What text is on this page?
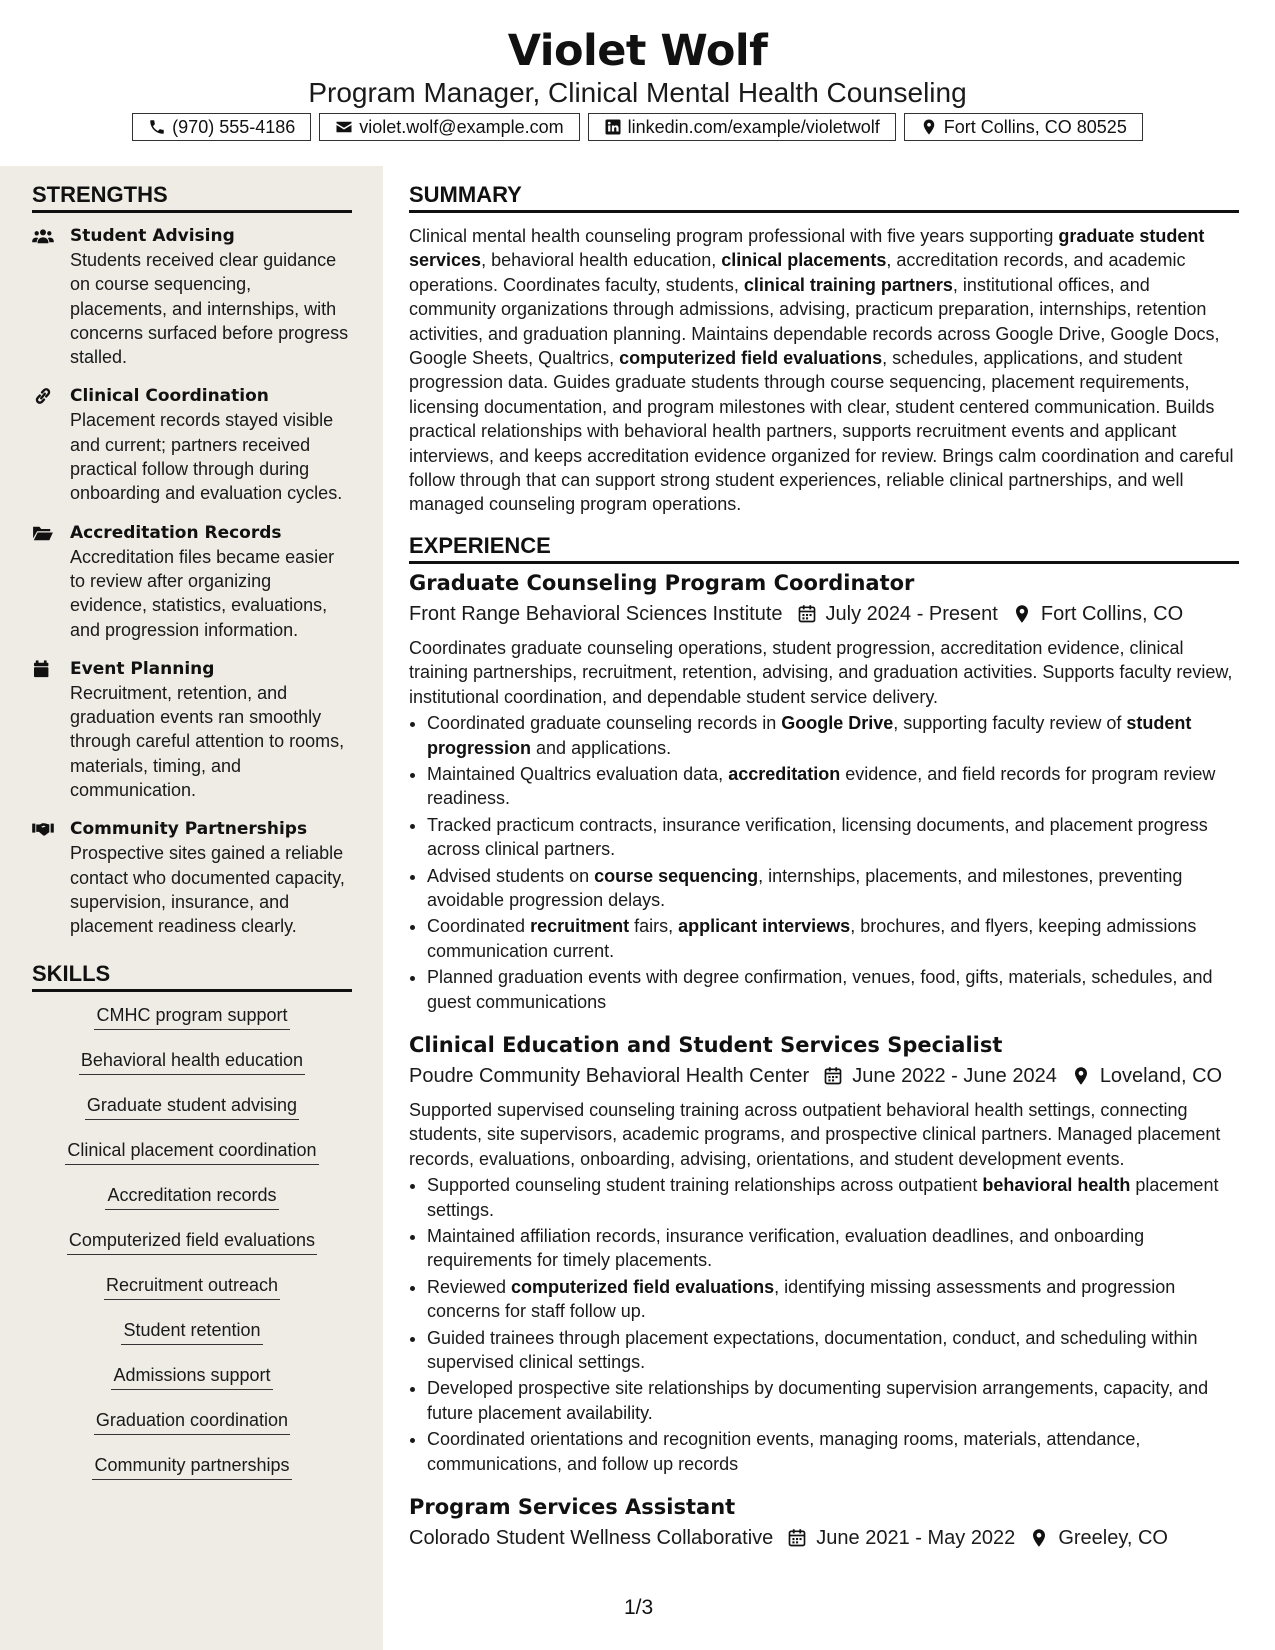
Violet Wolf
Program Manager, Clinical Mental Health Counseling
(970) 555-4186	violet.wolf@example.com	linkedin.com/example/violetwolf	Fort Collins, CO 80525
STRENGTHS
Student Advising
Students received clear guidance on course sequencing, placements, and internships, with concerns surfaced before progress stalled.
Clinical Coordination
Placement records stayed visible and current; partners received practical follow through during onboarding and evaluation cycles.
Accreditation Records
Accreditation files became easier to review after organizing evidence, statistics, evaluations, and progression information.
Event Planning
Recruitment, retention, and graduation events ran smoothly through careful attention to rooms, materials, timing, and communication.
Community Partnerships
Prospective sites gained a reliable contact who documented capacity, supervision, insurance, and placement readiness clearly.
SKILLS
CMHC program support
Behavioral health education
Graduate student advising
Clinical placement coordination
Accreditation records
Computerized field evaluations
Recruitment outreach
Student retention
Admissions support
Graduation coordination
Community partnerships
SUMMARY

Clinical mental health counseling program professional with five years supporting graduate student services, behavioral health education, clinical placements, accreditation records, and academic operations. Coordinates faculty, students, clinical training partners, institutional offices, and community organizations through admissions, advising, practicum preparation, internships, retention activities, and graduation planning. Maintains dependable records across Google Drive, Google Docs, Google Sheets, Qualtrics, computerized field evaluations, schedules, applications, and student progression data. Guides graduate students through course sequencing, placement requirements, licensing documentation, and program milestones with clear, student centered communication. Builds practical relationships with behavioral health partners, supports recruitment events and applicant interviews, and keeps accreditation evidence organized for review. Brings calm coordination and careful follow through that can support strong student experiences, reliable clinical partnerships, and well managed counseling program operations.

EXPERIENCE
Graduate Counseling Program Coordinator
Front Range Behavioral Sciences Institute July 2024 - Present Fort Collins, CO

Coordinates graduate counseling operations, student progression, accreditation evidence, clinical training partnerships, recruitment, retention, advising, and graduation activities. Supports faculty review, institutional coordination, and dependable student service delivery.

• Coordinated graduate counseling records in Google Drive, supporting faculty review of student progression and applications.
• Maintained Qualtrics evaluation data, accreditation evidence, and field records for program review readiness.
• Tracked practicum contracts, insurance verification, licensing documents, and placement progress across clinical partners.
• Advised students on course sequencing, internships, placements, and milestones, preventing avoidable progression delays.
• Coordinated recruitment fairs, applicant interviews, brochures, and flyers, keeping admissions communication current.
• Planned graduation events with degree confirmation, venues, food, gifts, materials, schedules, and guest communications
Clinical Education and Student Services Specialist
Poudre Community Behavioral Health Center June 2022 - June 2024 Loveland, CO

Supported supervised counseling training across outpatient behavioral health settings, connecting students, site supervisors, academic programs, and prospective clinical partners. Managed placement records, evaluations, onboarding, advising, orientations, and student development events.

• Supported counseling student training relationships across outpatient behavioral health placement settings.
• Maintained affiliation records, insurance verification, evaluation deadlines, and onboarding requirements for timely placements.
• Reviewed computerized field evaluations, identifying missing assessments and progression concerns for staff follow up.
• Guided trainees through placement expectations, documentation, conduct, and scheduling within supervised clinical settings.
• Developed prospective site relationships by documenting supervision arrangements, capacity, and future placement availability.
• Coordinated orientations and recognition events, managing rooms, materials, attendance, communications, and follow up records
Program Services Assistant
Colorado Student Wellness Collaborative June 2021 - May 2022 Greeley, CO
1/3
